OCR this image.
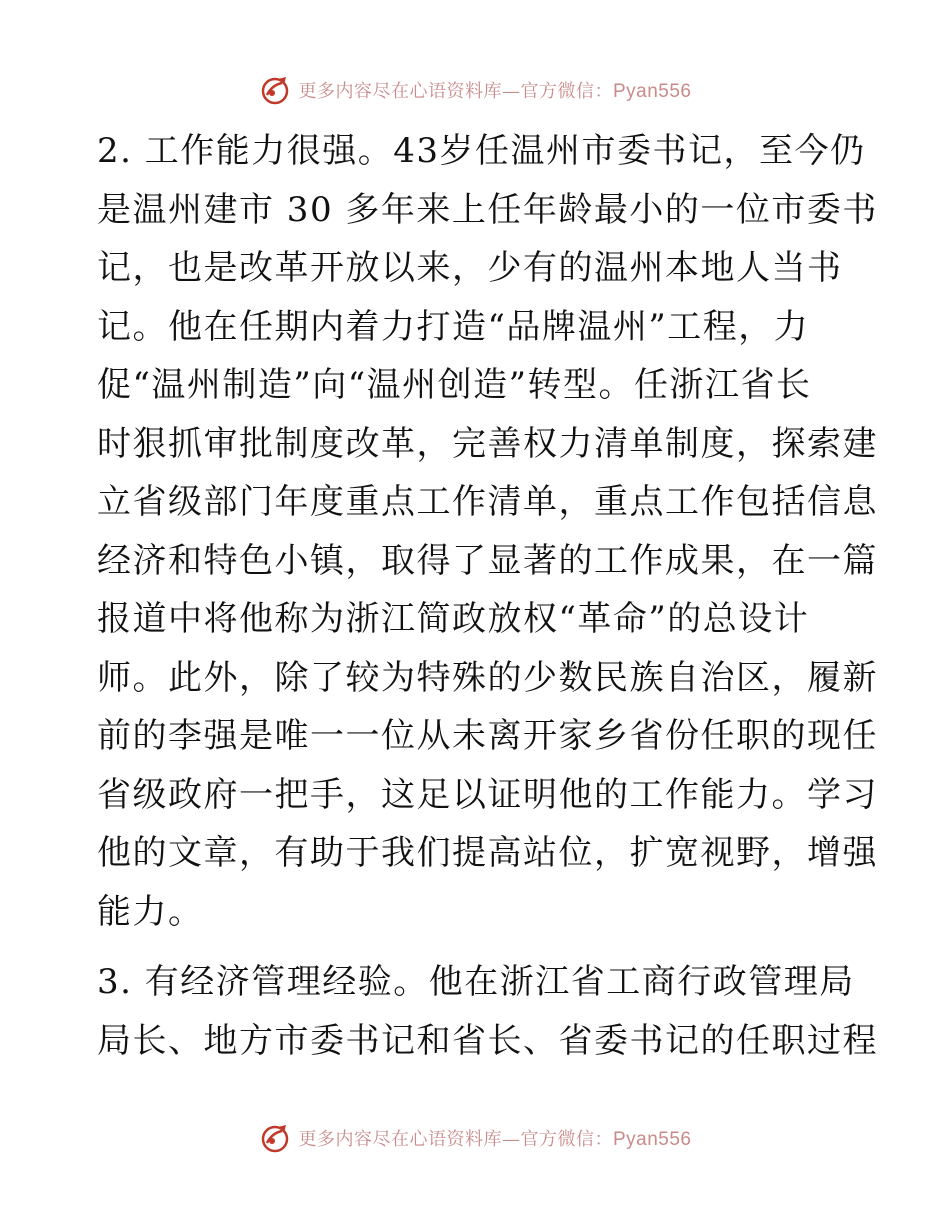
更多内容尽在心语资料库—官方微信：Pyan556

2. 工作能力很强。43岁任温州市委书记，至今仍
是温州建市 30 多年来上任年龄最小的一位市委书
记，也是改革开放以来，少有的温州本地人当书
记。他在任期内着力打造“品牌温州”工程，力
促“温州制造”向“温州创造”转型。任浙江省长
时狠抓审批制度改革，完善权力清单制度，探索建
立省级部门年度重点工作清单，重点工作包括信息
经济和特色小镇，取得了显著的工作成果，在一篇
报道中将他称为浙江简政放权“革命”的总设计
师。此外，除了较为特殊的少数民族自治区，履新
前的李强是唯一一位从未离开家乡省份任职的现任
省级政府一把手，这足以证明他的工作能力。学习
他的文章，有助于我们提高站位，扩宽视野，增强
能力。

3. 有经济管理经验。他在浙江省工商行政管理局
局长、地方市委书记和省长、省委书记的任职过程

更多内容尽在心语资料库—官方微信：Pyan556
